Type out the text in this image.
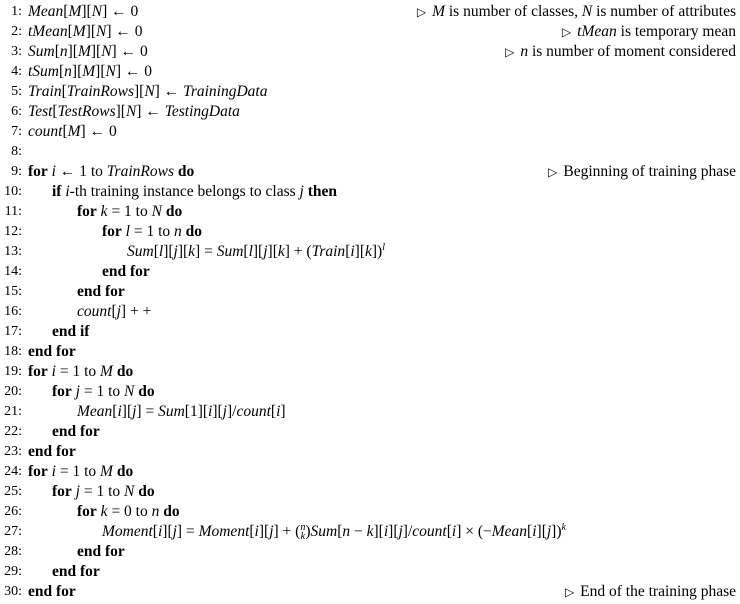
1: Mean[M][N] ← 0	▷ M is number of classes, N is number of attributes
2: tMean[M][N] ← 0	▷ tMean is temporary mean
3: Sum[n][M][N] ← 0	▷ n is number of moment considered
4: tSum[n][M][N] ← 0
5: Train[TrainRows][N] ← TrainingData
6: Test[TestRows][N] ← TestingData
7: count[M] ← 0
8:
9: for i ← 1 to TrainRows do	▷ Beginning of training phase
10: if i-th training instance belongs to class j then
11:	for k = 1 to N do
12:	for l = 1 to n do
13:	Sum[l][j][k] = Sum[l][j][k] + (Train[i][k])$^l$
14:	end for
15:	end for
16:	count[j] + +
17: end if
18: end for
19: for i = 1 to M do
20: for j = 1 to N do
21:	Mean[i][j] = Sum[1][i][j]/count[i]
22: end for
23: end for
24: for i = 1 to M do
25: for j = 1 to N do
26:	for k = 0 to n do
27:	Moment[i][j] = Moment[i][j] + ( n
k )Sum[n − k][i][j]/count[i] × (−Mean[i][j])$^k$
28:	end for
29: end for
30: end for	▷ End of the training phase
